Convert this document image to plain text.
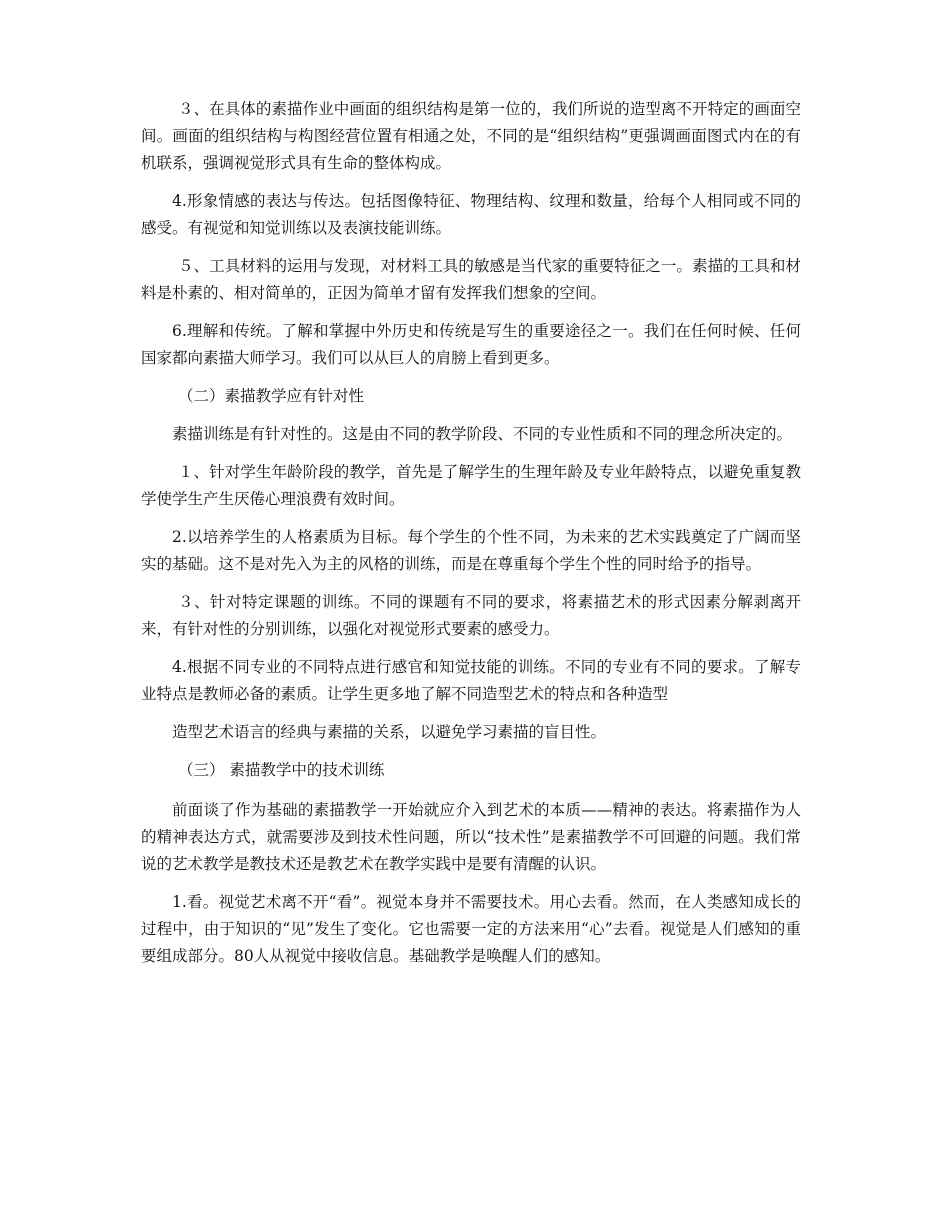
３、在具体的素描作业中画面的组织结构是第一位的，我们所说的造型离不开特定的画面空间。画面的组织结构与构图经营位置有相通之处，不同的是“组织结构”更强调画面图式内在的有机联系，强调视觉形式具有生命的整体构成。

4.形象情感的表达与传达。包括图像特征、物理结构、纹理和数量，给每个人相同或不同的感受。有视觉和知觉训练以及表演技能训练。

５、工具材料的运用与发现，对材料工具的敏感是当代家的重要特征之一。素描的工具和材料是朴素的、相对简单的，正因为简单才留有发挥我们想象的空间。

6.理解和传统。了解和掌握中外历史和传统是写生的重要途径之一。我们在任何时候、任何国家都向素描大师学习。我们可以从巨人的肩膀上看到更多。

（二）素描教学应有针对性

素描训练是有针对性的。这是由不同的教学阶段、不同的专业性质和不同的理念所决定的。

１、针对学生年龄阶段的教学，首先是了解学生的生理年龄及专业年龄特点，以避免重复教学使学生产生厌倦心理浪费有效时间。

2.以培养学生的人格素质为目标。每个学生的个性不同，为未来的艺术实践奠定了广阔而坚实的基础。这不是对先入为主的风格的训练，而是在尊重每个学生个性的同时给予的指导。

３、针对特定课题的训练。不同的课题有不同的要求，将素描艺术的形式因素分解剥离开来，有针对性的分别训练，以强化对视觉形式要素的感受力。

4.根据不同专业的不同特点进行感官和知觉技能的训练。不同的专业有不同的要求。了解专业特点是教师必备的素质。让学生更多地了解不同造型艺术的特点和各种造型

造型艺术语言的经典与素描的关系，以避免学习素描的盲目性。

（三） 素描教学中的技术训练

前面谈了作为基础的素描教学一开始就应介入到艺术的本质——精神的表达。将素描作为人的精神表达方式，就需要涉及到技术性问题，所以“技术性”是素描教学不可回避的问题。我们常说的艺术教学是教技术还是教艺术在教学实践中是要有清醒的认识。

1.看。视觉艺术离不开“看”。视觉本身并不需要技术。用心去看。然而，在人类感知成长的过程中，由于知识的“见”发生了变化。它也需要一定的方法来用“心”去看。视觉是人们感知的重要组成部分。80人从视觉中接收信息。基础教学是唤醒人们的感知。
